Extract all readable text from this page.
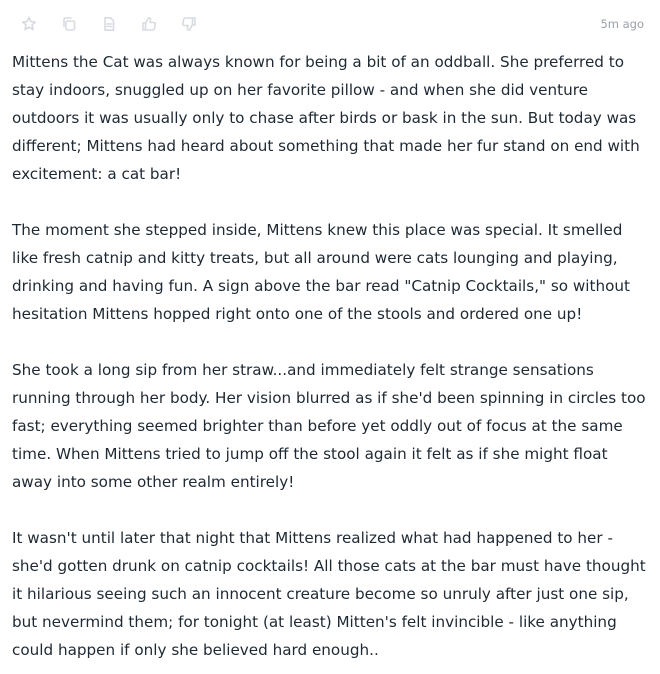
5m ago

Mittens the Cat was always known for being a bit of an oddball. She preferred to stay indoors, snuggled up on her favorite pillow - and when she did venture outdoors it was usually only to chase after birds or bask in the sun. But today was different; Mittens had heard about something that made her fur stand on end with excitement: a cat bar!

The moment she stepped inside, Mittens knew this place was special. It smelled like fresh catnip and kitty treats, but all around were cats lounging and playing, drinking and having fun. A sign above the bar read "Catnip Cocktails," so without hesitation Mittens hopped right onto one of the stools and ordered one up!

She took a long sip from her straw...and immediately felt strange sensations running through her body. Her vision blurred as if she'd been spinning in circles too fast; everything seemed brighter than before yet oddly out of focus at the same time. When Mittens tried to jump off the stool again it felt as if she might float away into some other realm entirely!

It wasn't until later that night that Mittens realized what had happened to her - she'd gotten drunk on catnip cocktails! All those cats at the bar must have thought it hilarious seeing such an innocent creature become so unruly after just one sip, but nevermind them; for tonight (at least) Mitten's felt invincible - like anything could happen if only she believed hard enough..
